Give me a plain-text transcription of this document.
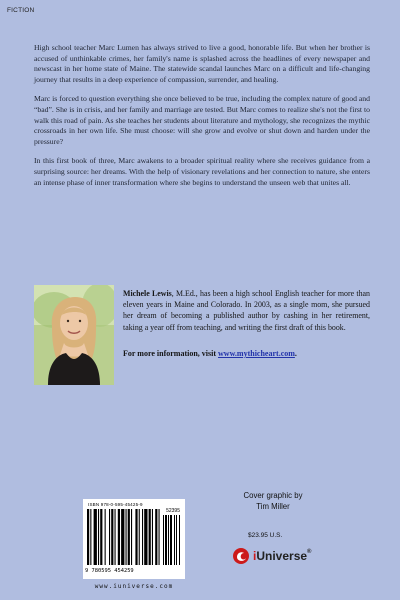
FICTION

High school teacher Marc Lumen has always strived to live a good, honorable life. But when her brother is accused of unthinkable crimes, her family's name is splashed across the headlines of every newspaper and newscast in her home state of Maine. The statewide scandal launches Marc on a difficult and life-changing journey that results in a deep experience of compassion, surrender, and healing.

Marc is forced to question everything she once believed to be true, including the complex nature of good and “bad”. She is in crisis, and her family and marriage are tested. But Marc comes to realize she's not the first to walk this road of pain. As she teaches her students about literature and mythology, she recognizes the mythic crossroads in her own life. She must choose: will she grow and evolve or shut down and harden under the pressure?

In this first book of three, Marc awakens to a broader spiritual reality where she receives guidance from a surprising source: her dreams. With the help of visionary revelations and her connection to nature, she enters an intense phase of inner transformation where she begins to understand the unseen web that unites all.

Michele Lewis, M.Ed., has been a high school English teacher for more than eleven years in Maine and Colorado. In 2003, as a single mom, she pursued her dream of becoming a published author by cashing in her retirement, taking a year off from teaching, and writing the first draft of this book.
For more information, visit www.mythicheart.com.
ISBN 978-0-595-45425-9
52395
9 780595 454259
www.iuniverse.com
Cover graphic by
Tim Miller
$23.95 U.S.
iUniverse®
